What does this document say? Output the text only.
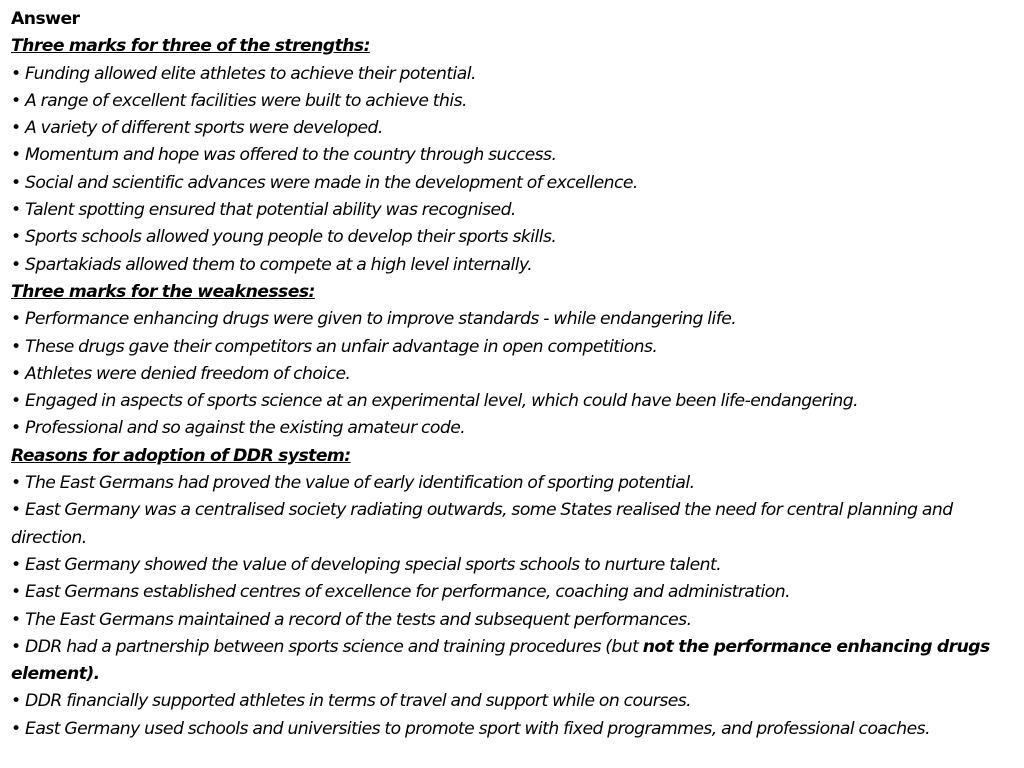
Answer

Three marks for three of the strengths:

• Funding allowed elite athletes to achieve their potential.

• A range of excellent facilities were built to achieve this.

• A variety of different sports were developed.

• Momentum and hope was offered to the country through success.

• Social and scientific advances were made in the development of excellence.

• Talent spotting ensured that potential ability was recognised.

• Sports schools allowed young people to develop their sports skills.

• Spartakiads allowed them to compete at a high level internally.

Three marks for the weaknesses:

• Performance enhancing drugs were given to improve standards - while endangering life.

• These drugs gave their competitors an unfair advantage in open competitions.

• Athletes were denied freedom of choice.

• Engaged in aspects of sports science at an experimental level, which could have been life-endangering.

• Professional and so against the existing amateur code.

Reasons for adoption of DDR system:

• The East Germans had proved the value of early identification of sporting potential.

• East Germany was a centralised society radiating outwards, some States realised the need for central planning and direction.

• East Germany showed the value of developing special sports schools to nurture talent.

• East Germans established centres of excellence for performance, coaching and administration.

• The East Germans maintained a record of the tests and subsequent performances.

• DDR had a partnership between sports science and training procedures (but not the performance enhancing drugs element).

• DDR financially supported athletes in terms of travel and support while on courses.

• East Germany used schools and universities to promote sport with fixed programmes, and professional coaches.
